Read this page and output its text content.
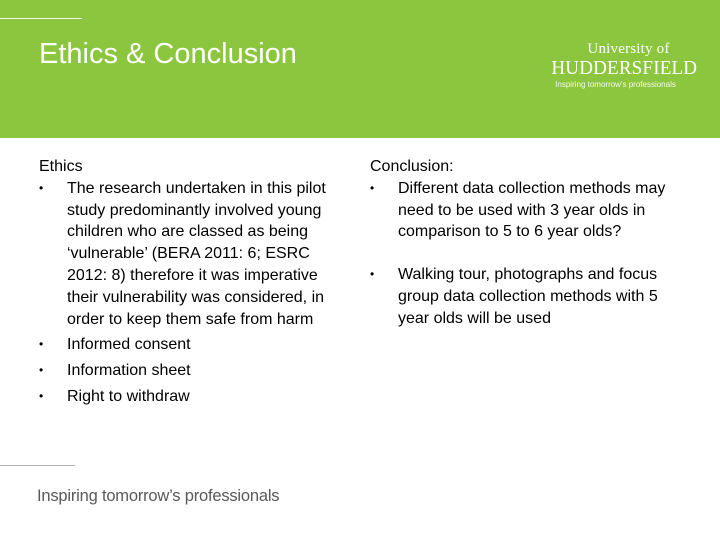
Ethics & Conclusion	University of
HUDDERSFIELD
Inspiring tomorrow's professionals
Ethics
• The research undertaken in this pilot study predominantly involved young children who are classed as being ‘vulnerable’ (BERA 2011: 6; ESRC 2012: 8) therefore it was imperative their vulnerability was considered, in order to keep them safe from harm
• Informed consent
• Information sheet
• Right to withdraw
Conclusion:
• Different data collection methods may need to be used with 3 year olds in comparison to 5 to 6 year olds?
• Walking tour, photographs and focus group data collection methods with 5 year olds will be used
Inspiring tomorrow’s professionals
